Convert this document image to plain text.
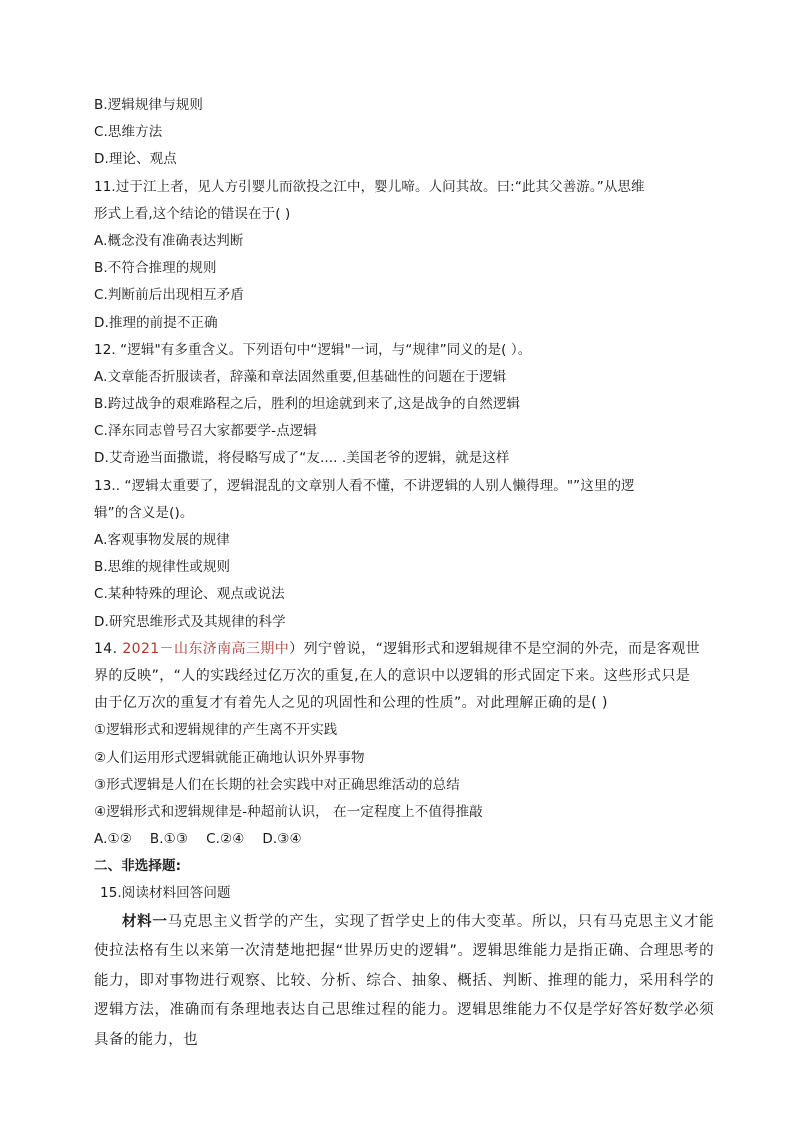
B.逻辑规律与规则
C.思维方法
D.理论、观点
11.过于江上者，见人方引婴儿而欲投之江中，婴儿啼。人问其故。曰:“此其父善游。”从思维
形式上看,这个结论的错误在于( )
A.概念没有准确表达判断
B.不符合推理的规则
C.判断前后出现相互矛盾
D.推理的前提不正确
12. “逻辑"有多重含义。下列语句中“逻辑"一词，与“规律”同义的是( ）。
A.文章能否折服读者，辞藻和章法固然重要,但基础性的问题在于逻辑
B.跨过战争的艰难路程之后，胜利的坦途就到来了,这是战争的自然逻辑
C.泽东同志曾号召大家都要学-点逻辑
D.艾奇逊当面撒谎，将侵略写成了“友.... .美国老爷的逻辑，就是这样
13.. “逻辑太重要了，逻辑混乱的文章别人看不懂，不讲逻辑的人别人懒得理。"”这里的逻
辑”的含义是()。
A.客观事物发展的规律
B.思维的规律性或规则
C.某种特殊的理论、观点或说法
D.研究思维形式及其规律的科学
14. 2021－山东济南高三期中）列宁曾说，“逻辑形式和逻辑规律不是空洞的外壳，而是客观世
界的反映”，“人的实践经过亿万次的重复,在人的意识中以逻辑的形式固定下来。这些形式只是
由于亿万次的重复才有着先人之见的巩固性和公理的性质”。对此理解正确的是( )
①逻辑形式和逻辑规律的产生离不开实践
②人们运用形式逻辑就能正确地认识外界事物
③形式逻辑是人们在长期的社会实践中对正确思维活动的总结
④逻辑形式和逻辑规律是-种超前认识， 在一定程度上不值得推敲
A.①② B.①③ C.②④ D.③④
二、非选择题:
15.阅读材料回答问题
材料一马克思主义哲学的产生，实现了哲学史上的伟大变革。所以，只有马克思主义才能使拉法格有生以来第一次清楚地把握“世界历史的逻辑”。逻辑思维能力是指正确、合理思考的能力，即对事物进行观察、比较、分析、综合、抽象、概括、判断、推理的能力，采用科学的逻辑方法，准确而有条理地表达自己思维过程的能力。逻辑思维能力不仅是学好答好数学必须具备的能力，也
